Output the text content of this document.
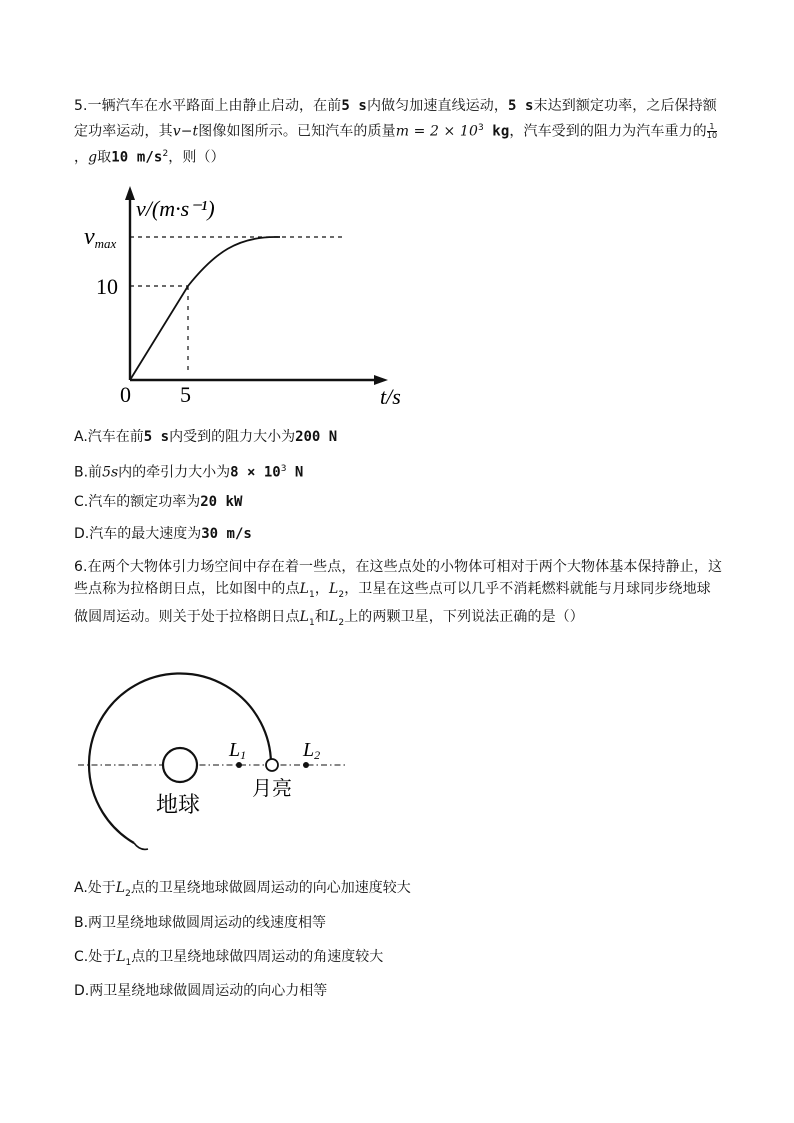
5.一辆汽车在水平路面上由静止启动，在前5 s内做匀加速直线运动，5 s末达到额定功率，之后保持额定功率运动，其v−t图像如图所示。已知汽车的质量$m = 2 \times 10^3$ kg，汽车受到的阻力为汽车重力的 $\frac{1}{10}$
，g取10 $m/s^2$，则（）
v/(m·s⁻¹)
vmax
10
0 5	t/s
A.汽车在前5 s内受到的阻力大小为200 N
B.前5s内的牵引力大小为$8 \times 10^3$ N
C.汽车的额定功率为20 kW
D.汽车的最大速度为30 m/s
6.在两个大物体引力场空间中存在着一些点，在这些点处的小物体可相对于两个大物体基本保持静止，这些点称为拉格朗日点，比如图中的点$L_1$，$L_2$，卫星在这些点可以几乎不消耗燃料就能与月球同步绕地球做圆周运动。则关于处于拉格朗日点$L_1$和$L_2$上的两颗卫星，下列说法正确的是（）
地球
月亮
L1	L2
A.处于$L_2$点的卫星绕地球做圆周运动的向心加速度较大
B.两卫星绕地球做圆周运动的线速度相等
C.处于$L_1$点的卫星绕地球做四周运动的角速度较大
D.两卫星绕地球做圆周运动的向心力相等
